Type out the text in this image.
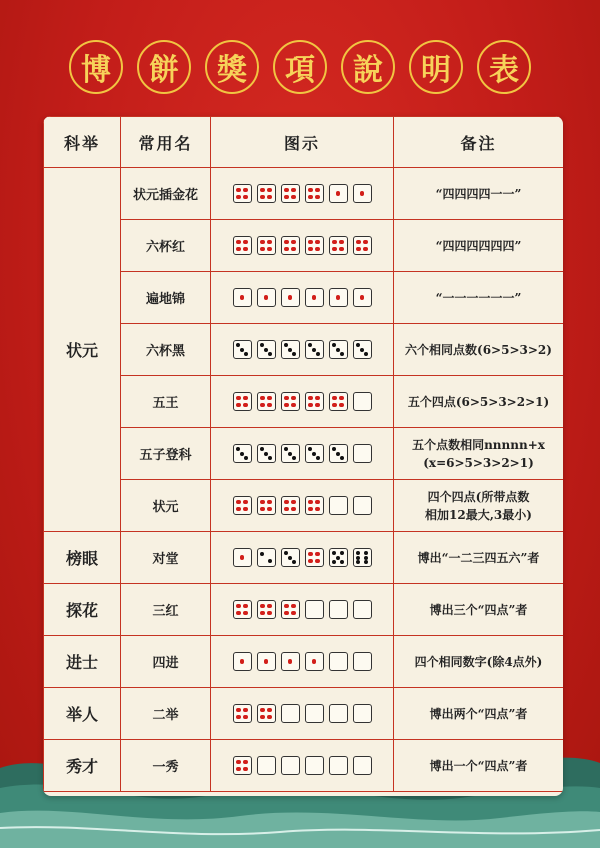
博	餅	獎	項	說	明	表
科举	常用名	图示	备注
状元	状元插金花		“四四四四一一”

	六杯红		“四四四四四四”

	遍地锦		“一一一一一一”

	六杯黑		六个相同点数(6>5>3>2)

	五王		五个四点(6>5>3>2>1)

	五子登科		五个点数相同nnnnn+x
(x=6>5>3>2>1)

	状元		四个四点(所带点数
相加12最大,3最小)

榜眼	对堂		博出“一二三四五六”者

探花	三红		博出三个“四点”者

进士	四进		四个相同数字(除4点外)

举人	二举		博出两个“四点”者

秀才	一秀		博出一个“四点”者
